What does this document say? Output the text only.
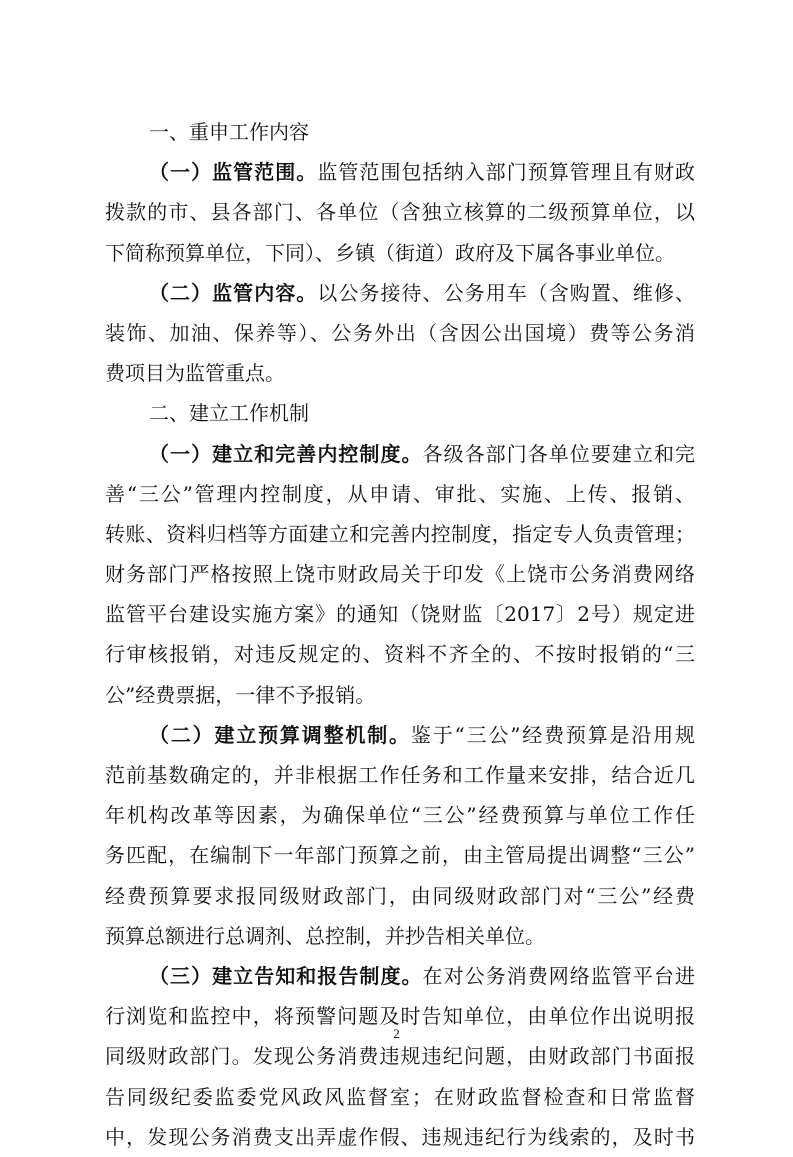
一、重申工作内容
（一）监管范围。监管范围包括纳入部门预算管理且有财政
拨款的市、县各部门、各单位（含独立核算的二级预算单位，以
下简称预算单位，下同）、乡镇（街道）政府及下属各事业单位。
（二）监管内容。以公务接待、公务用车（含购置、维修、
装饰、加油、保养等）、公务外出（含因公出国境）费等公务消
费项目为监管重点。
二、建立工作机制
（一）建立和完善内控制度。各级各部门各单位要建立和完
善“三公”管理内控制度，从申请、审批、实施、上传、报销、
转账、资料归档等方面建立和完善内控制度，指定专人负责管理；
财务部门严格按照上饶市财政局关于印发《上饶市公务消费网络
监管平台建设实施方案》的通知（饶财监〔2017〕2号）规定进
行审核报销，对违反规定的、资料不齐全的、不按时报销的“三
公”经费票据，一律不予报销。
（二）建立预算调整机制。鉴于“三公”经费预算是沿用规
范前基数确定的，并非根据工作任务和工作量来安排，结合近几
年机构改革等因素，为确保单位“三公”经费预算与单位工作任
务匹配，在编制下一年部门预算之前，由主管局提出调整“三公”
经费预算要求报同级财政部门，由同级财政部门对“三公”经费
预算总额进行总调剂、总控制，并抄告相关单位。
（三）建立告知和报告制度。在对公务消费网络监管平台进
行浏览和监控中，将预警问题及时告知单位，由单位作出说明报
同级财政部门。发现公务消费违规违纪问题，由财政部门书面报
告同级纪委监委党风政风监督室；在财政监督检查和日常监督
中，发现公务消费支出弄虚作假、违规违纪行为线索的，及时书
2
